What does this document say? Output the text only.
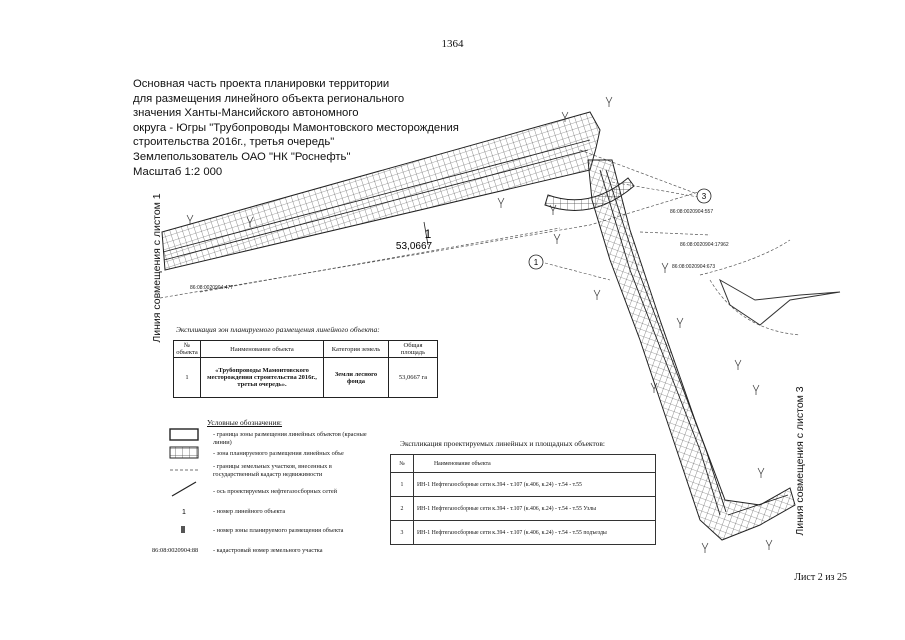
1364
1
3
1
53,0667
86:08:0020904:557
86:08:0020904:17962
86:08:0020904:673
86:08:0020904:477
1
Основная часть проекта планировки территории
для размещения линейного объекта регионального
значения Ханты-Мансийского автономного
округа - Югры "Трубопроводы Мамонтовского месторождения
строительства 2016г., третья очередь"
Землепользователь ОАО "НК "Роснефть"
Масштаб 1:2 000
Линия совмещения с листом 1
Линия совмещения с листом 3
Экспликация зон планируемого размещения линейного объекта:
№ объекта	Наименование объекта	Категория земель	Общая площадь
1	«Трубопроводы Мамонтовского месторождения строительства 2016г., третья очередь».	Земли лесного фонда	53,0667 га
Условные обозначения:
- граница зоны размещения линейных объектов (красные линии)
- зона планируемого размещения линейных объе
- границы земельных участков, внесенных в государственный кадастр недвижимости
- ось проектируемых нефтегазосборных сетей
- номер линейного объекта
- номер зоны планируемого размещения объекта
86:08:0020904:88 - кадастровый номер земельного участка
Экспликация проектируемых линейных и площадных объектов:
№	Наименование объекта
1	ИН-1 Нефтегазосборные сети к.394 - т.107 (к.406, к.24) - т.54 - т.55
2	ИН-1 Нефтегазосборные сети к.394 - т.107 (к.406, к.24) - т.54 - т.55 Узлы
3	ИН-1 Нефтегазосборные сети к.394 - т.107 (к.406, к.24) - т.54 - т.55 подъезды
Лист 2 из 25
